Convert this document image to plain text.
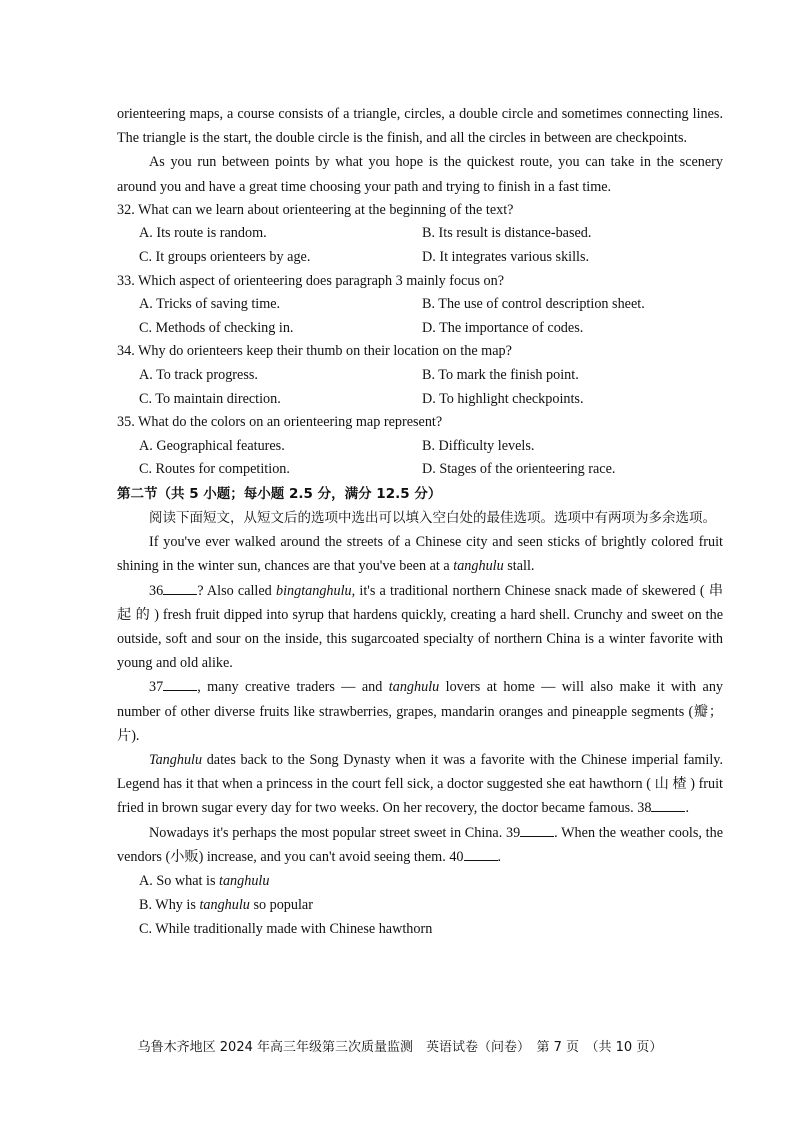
orienteering maps, a course consists of a triangle, circles, a double circle and sometimes connecting lines. The triangle is the start, the double circle is the finish, and all the circles in between are checkpoints.

As you run between points by what you hope is the quickest route, you can take in the scenery around you and have a great time choosing your path and trying to finish in a fast time.

32. What can we learn about orienteering at the beginning of the text?
A. Its route is random.	B. Its result is distance-based.
C. It groups orienteers by age.	D. It integrates various skills.
33. Which aspect of orienteering does paragraph 3 mainly focus on?
A. Tricks of saving time.	B. The use of control description sheet.
C. Methods of checking in.	D. The importance of codes.
34. Why do orienteers keep their thumb on their location on the map?
A. To track progress.	B. To mark the finish point.
C. To maintain direction.	D. To highlight checkpoints.
35. What do the colors on an orienteering map represent?
A. Geographical features.	B. Difficulty levels.
C. Routes for competition.	D. Stages of the orienteering race.
第二节（共 5 小题；每小题 2.5 分，满分 12.5 分）

阅读下面短文，从短文后的选项中选出可以填入空白处的最佳选项。选项中有两项为多余选项。

If you've ever walked around the streets of a Chinese city and seen sticks of brightly colored fruit shining in the winter sun, chances are that you've been at a tanghulu stall.

36 ? Also called bingtanghulu, it's a traditional northern Chinese snack made of skewered ( 串 起 的 ) fresh fruit dipped into syrup that hardens quickly, creating a hard shell. Crunchy and sweet on the outside, soft and sour on the inside, this sugarcoated specialty of northern China is a winter favorite with young and old alike.

37 , many creative traders — and tanghulu lovers at home — will also make it with any number of other diverse fruits like strawberries, grapes, mandarin oranges and pineapple segments (瓣；片).

Tanghulu dates back to the Song Dynasty when it was a favorite with the Chinese imperial family. Legend has it that when a princess in the court fell sick, a doctor suggested she eat hawthorn ( 山 楂 ) fruit fried in brown sugar every day for two weeks. On her recovery, the doctor became famous. 38 .

Nowadays it's perhaps the most popular street sweet in China. 39 . When the weather cools, the vendors (小贩) increase, and you can't avoid seeing them. 40 .

A. So what is tanghulu
B. Why is tanghulu so popular
C. While traditionally made with Chinese hawthorn
乌鲁木齐地区 2024 年高三年级第三次质量监测　英语试卷（问卷）　第 7 页　（共 10 页）
